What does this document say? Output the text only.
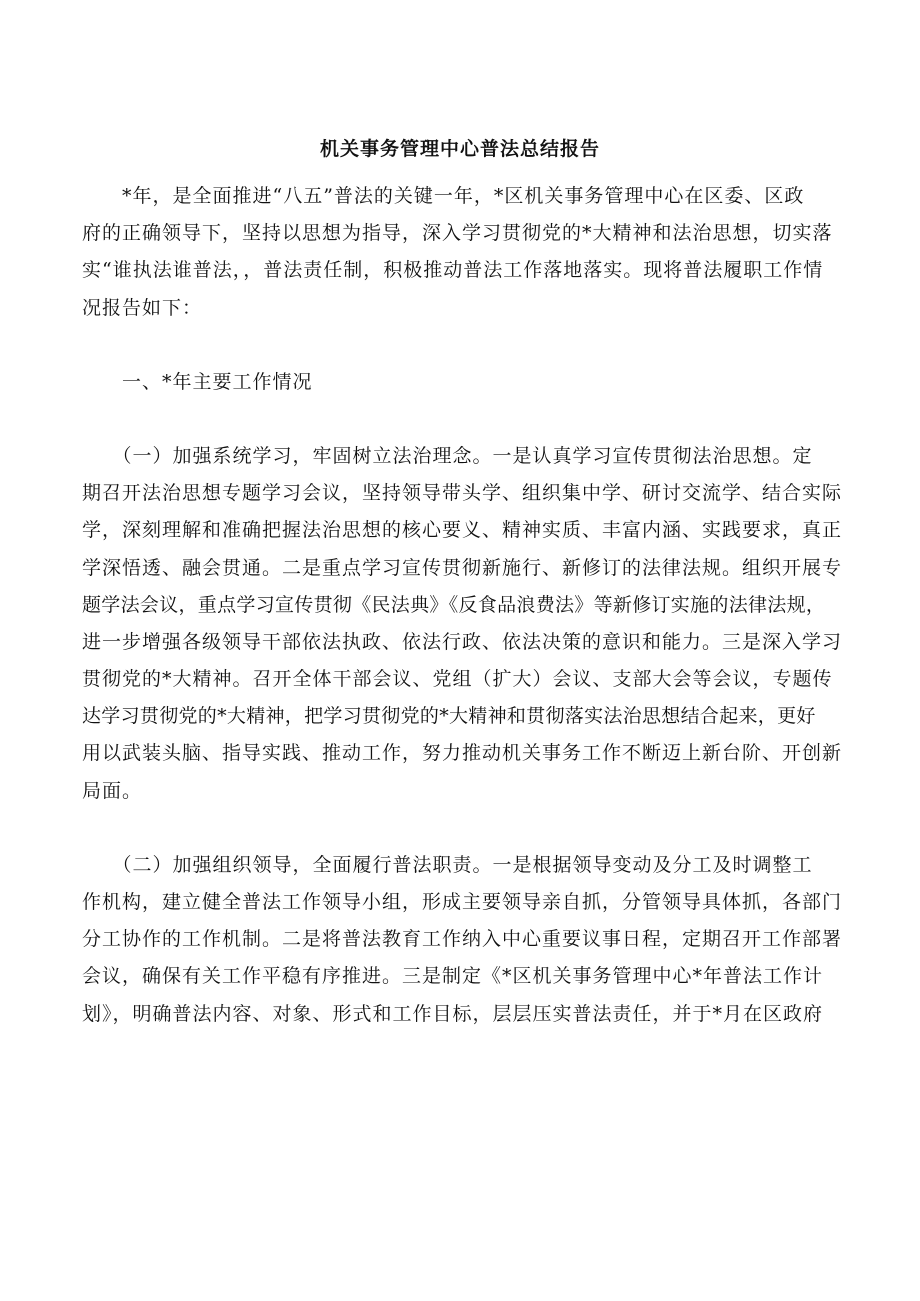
机关事务管理中心普法总结报告
　　*年，是全面推进“八五”普法的关键一年，*区机关事务管理中心在区委、区政
府的正确领导下，坚持以思想为指导，深入学习贯彻党的*大精神和法治思想，切实落
实“谁执法谁普法，，普法责任制，积极推动普法工作落地落实。现将普法履职工作情
况报告如下：
　　一、*年主要工作情况
　　（一）加强系统学习，牢固树立法治理念。一是认真学习宣传贯彻法治思想。定
期召开法治思想专题学习会议，坚持领导带头学、组织集中学、研讨交流学、结合实际
学，深刻理解和准确把握法治思想的核心要义、精神实质、丰富内涵、实践要求，真正
学深悟透、融会贯通。二是重点学习宣传贯彻新施行、新修订的法律法规。组织开展专
题学法会议，重点学习宣传贯彻《民法典》《反食品浪费法》等新修订实施的法律法规，
进一步增强各级领导干部依法执政、依法行政、依法决策的意识和能力。三是深入学习
贯彻党的*大精神。召开全体干部会议、党组（扩大）会议、支部大会等会议，专题传
达学习贯彻党的*大精神，把学习贯彻党的*大精神和贯彻落实法治思想结合起来，更好
用以武装头脑、指导实践、推动工作，努力推动机关事务工作不断迈上新台阶、开创新
局面。
　　（二）加强组织领导，全面履行普法职责。一是根据领导变动及分工及时调整工
作机构，建立健全普法工作领导小组，形成主要领导亲自抓，分管领导具体抓，各部门
分工协作的工作机制。二是将普法教育工作纳入中心重要议事日程，定期召开工作部署
会议，确保有关工作平稳有序推进。三是制定《*区机关事务管理中心*年普法工作计
划》，明确普法内容、对象、形式和工作目标，层层压实普法责任，并于*月在区政府
